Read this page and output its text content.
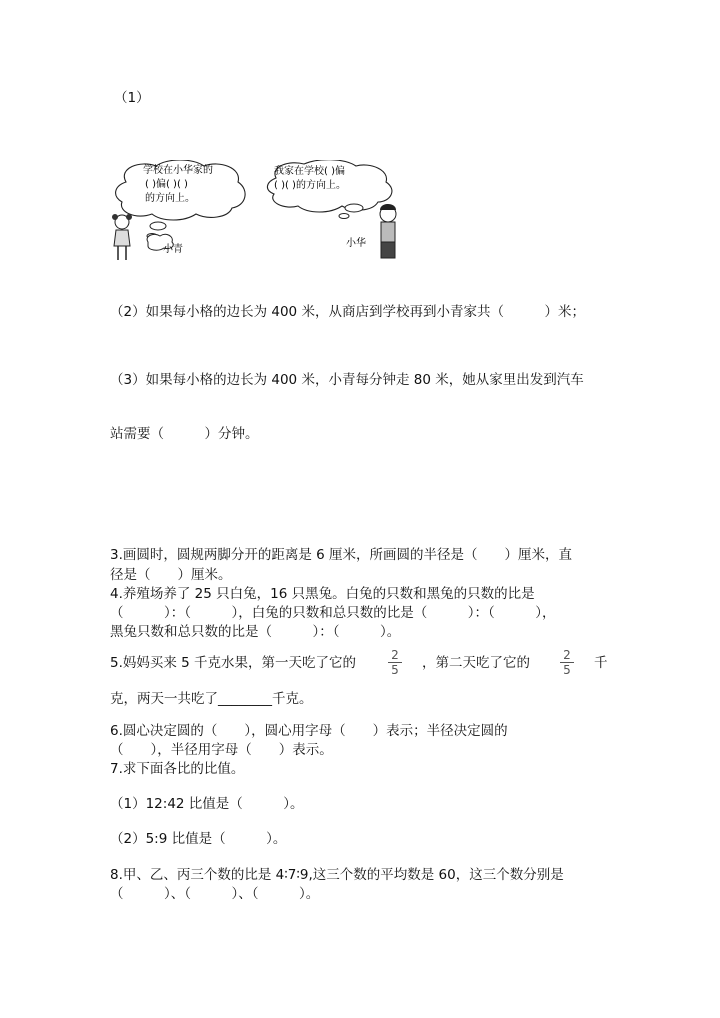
（1）
学校在小华家的
( )偏( )( )
的方向上。
我家在学校( )偏
( )( )的方向上。
小青
小华
（2）如果每小格的边长为 400 米，从商店到学校再到小青家共（　　　）米；
（3）如果每小格的边长为 400 米，小青每分钟走 80 米，她从家里出发到汽车
站需要（　　　）分钟。
3.画圆时，圆规两脚分开的距离是 6 厘米，所画圆的半径是（　　）厘米，直
径是（　　）厘米。
4.养殖场养了 25 只白兔，16 只黑兔。白兔的只数和黑兔的只数的比是
（　　　）：（　　　），白兔的只数和总只数的比是（　　　）：（　　　），
黑兔只数和总只数的比是（　　　）：（　　　）。
5.妈妈买来 5 千克水果，第一天吃了它的	2
5 ，第二天吃了它的	2
5 千
克，两天一共吃了________千克。
6.圆心决定圆的（　　），圆心用字母（　　）表示；半径决定圆的
（　　），半径用字母（　　）表示。
7.求下面各比的比值。
（1）12:42 比值是（　　　）。
（2）5:9 比值是（　　　）。
8.甲、乙、丙三个数的比是 4∶7∶9,这三个数的平均数是 60，这三个数分别是
（　　　）、（　　　）、（　　　）。
